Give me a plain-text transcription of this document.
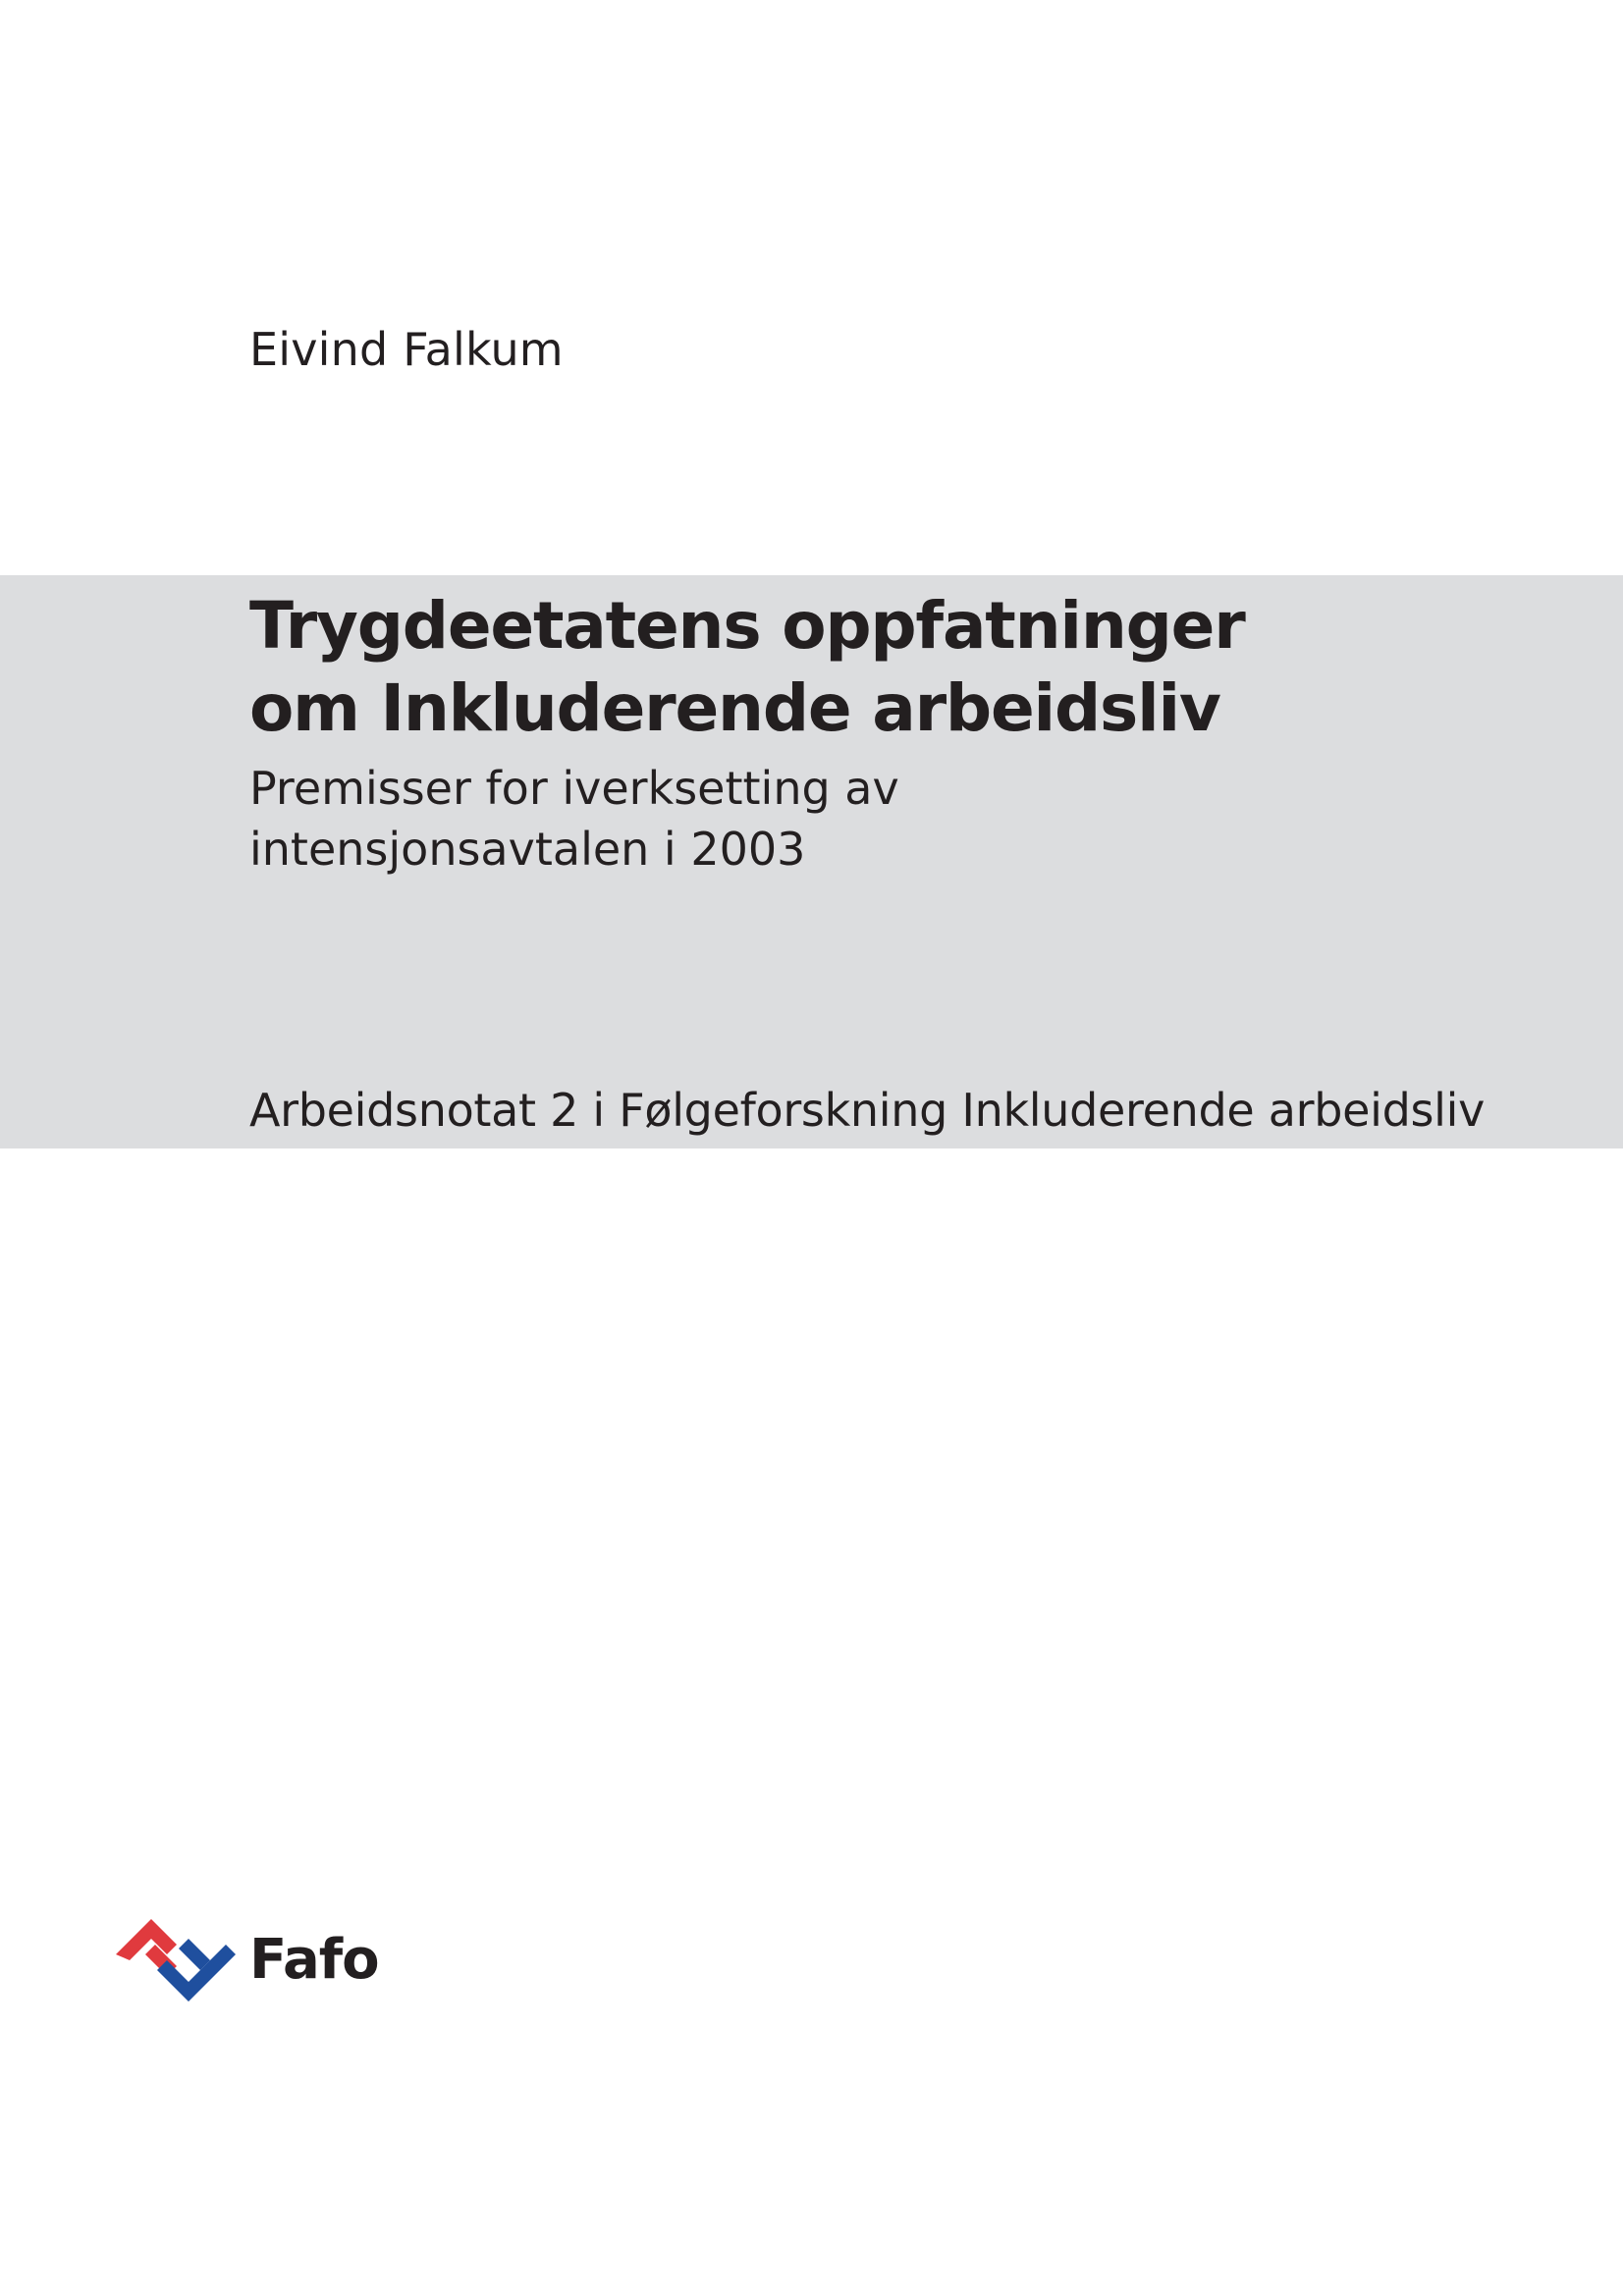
Eivind Falkum
Trygdeetatens oppfatninger
om Inkluderende arbeidsliv
Premisser for iverksetting av
intensjonsavtalen i 2003
Arbeidsnotat 2 i Følgeforskning Inkluderende arbeidsliv
Fafo
